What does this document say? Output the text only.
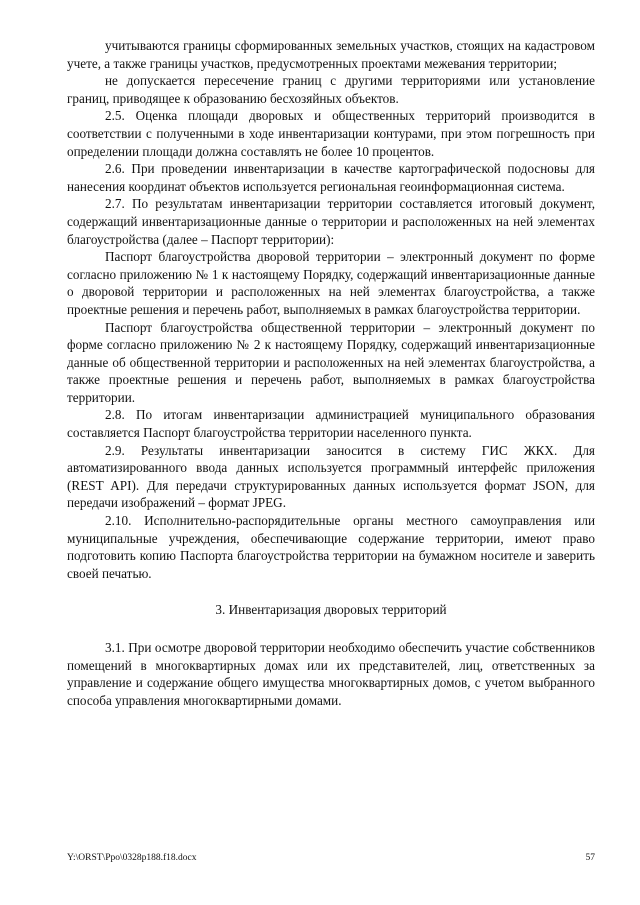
учитываются границы сформированных земельных участков, стоящих на кадастровом учете, а также границы участков, предусмотренных проектами межевания территории;

не допускается пересечение границ с другими территориями или установление границ, приводящее к образованию бесхозяйных объектов.

2.5. Оценка площади дворовых и общественных территорий производится в соответствии с полученными в ходе инвентаризации контурами, при этом погрешность при определении площади должна составлять не более 10 процентов.

2.6. При проведении инвентаризации в качестве картографической подосновы для нанесения координат объектов используется региональная геоинформационная система.

2.7. По результатам инвентаризации территории составляется итоговый документ, содержащий инвентаризационные данные о территории и расположенных на ней элементах благоустройства (далее – Паспорт территории):

Паспорт благоустройства дворовой территории – электронный документ по форме согласно приложению № 1 к настоящему Порядку, содержащий инвентаризационные данные о дворовой территории и расположенных на ней элементах благоустройства, а также проектные решения и перечень работ, выполняемых в рамках благоустройства территории.

Паспорт благоустройства общественной территории – электронный документ по форме согласно приложению № 2 к настоящему Порядку, содержащий инвентаризационные данные об общественной территории и расположенных на ней элементах благоустройства, а также проектные решения и перечень работ, выполняемых в рамках благоустройства территории.

2.8. По итогам инвентаризации администрацией муниципального образования составляется Паспорт благоустройства территории населенного пункта.

2.9. Результаты инвентаризации заносится в систему ГИС ЖКХ. Для автоматизированного ввода данных используется программный интерфейс приложения (REST API). Для передачи структурированных данных используется формат JSON, для передачи изображений – формат JPEG.

2.10. Исполнительно-распорядительные органы местного самоуправления или муниципальные учреждения, обеспечивающие содержание территории, имеют право подготовить копию Паспорта благоустройства территории на бумажном носителе и заверить своей печатью.

3. Инвентаризация дворовых территорий

3.1. При осмотре дворовой территории необходимо обеспечить участие собственников помещений в многоквартирных домах или их представителей, лиц, ответственных за управление и содержание общего имущества многоквартирных домов, с учетом выбранного способа управления многоквартирными домами.

Y:\ORST\Ppo\0328p188.f18.docx	57
